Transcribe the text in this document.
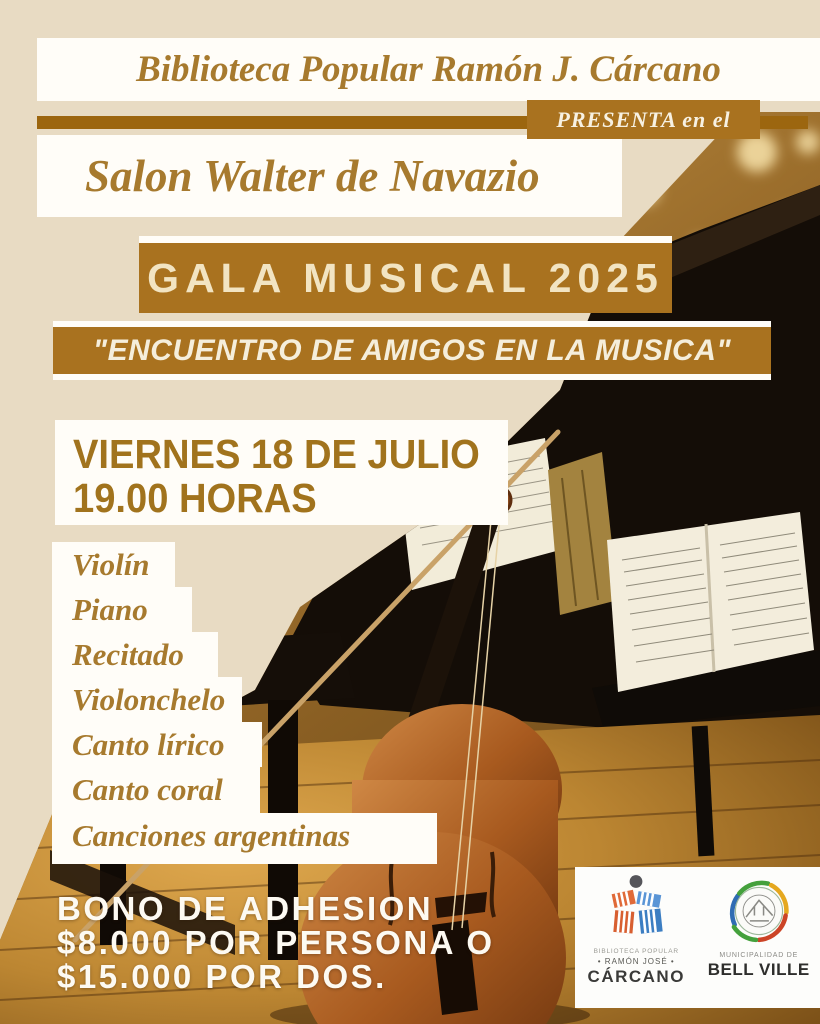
Biblioteca Popular Ramón J. Cárcano
PRESENTA en el
Salon Walter de Navazio
GALA MUSICAL 2025
"ENCUENTRO DE AMIGOS EN LA MUSICA"
VIERNES 18 DE JULIO
19.00 HORAS
Violín
Piano
Recitado
Violonchelo
Canto lírico
Canto coral
Canciones argentinas
BONO DE ADHESION
$8.000 POR PERSONA O
$15.000 POR DOS.
BIBLIOTECA POPULAR
• RAMÓN JOSÉ •
CÁRCANO
MUNICIPALIDAD DE
BELL VILLE
